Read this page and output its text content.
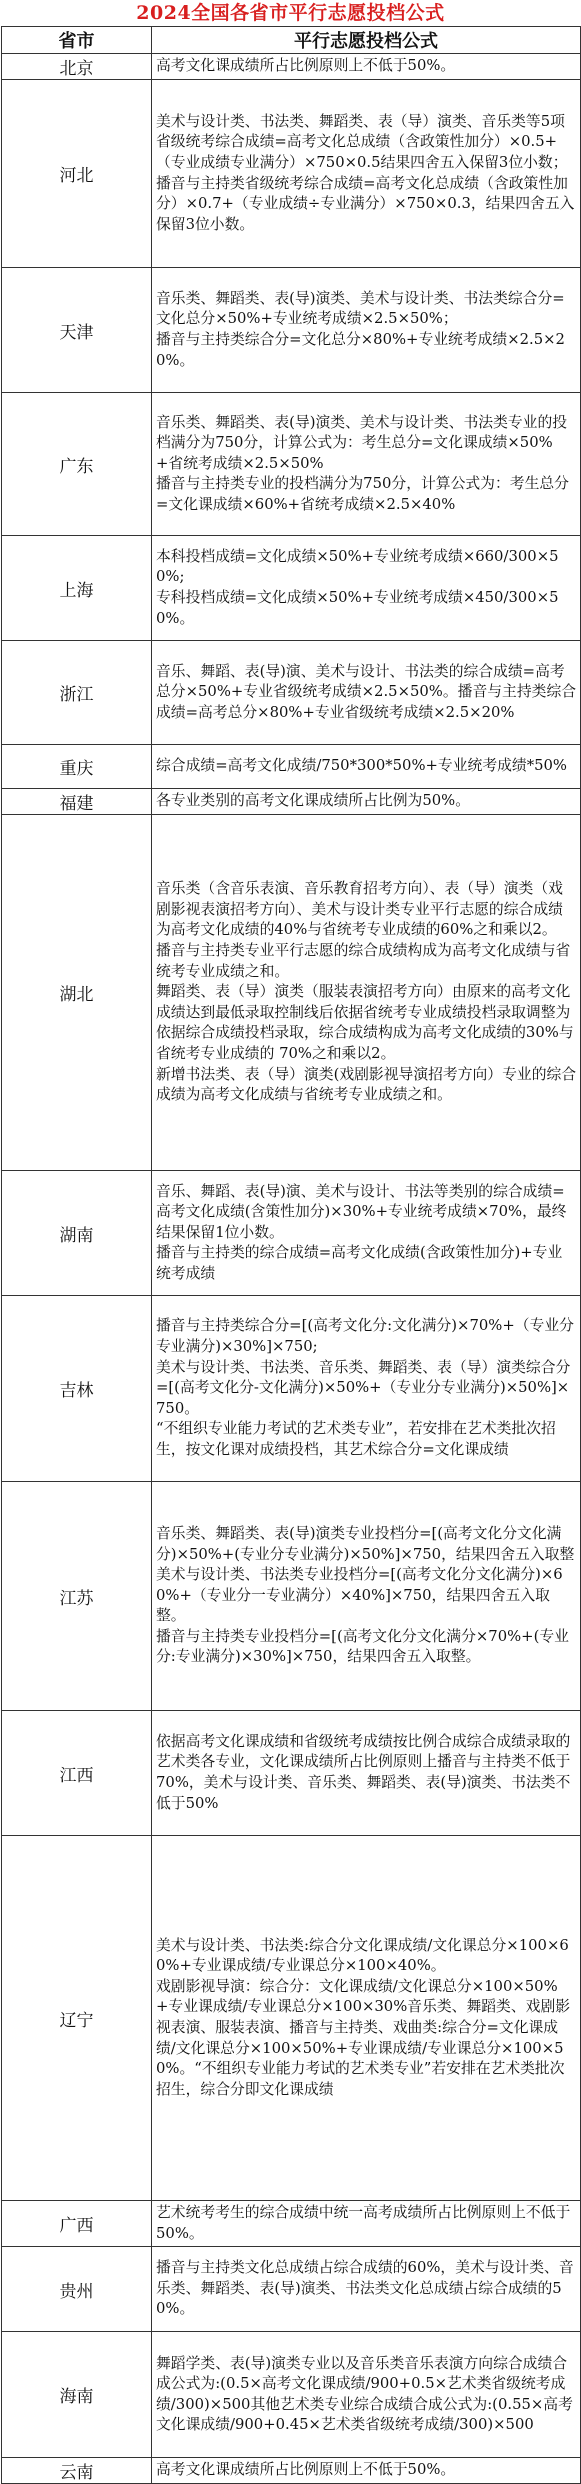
2024全国各省市平行志愿投档公式
省市	平行志愿投档公式
北京	高考文化课成绩所占比例原则上不低于50%。
河北	美术与设计类、书法类、舞蹈类、表（导）演类、音乐类等5项省级统考综合成绩=高考文化总成绩（含政策性加分）×0.5+（专业成绩专业满分）×750×0.5结果四舍五入保留3位小数；
播音与主持类省级统考综合成绩=高考文化总成绩（含政策性加分）×0.7+（专业成绩÷专业满分）×750×0.3，结果四舍五入保留3位小数。
天津	音乐类、舞蹈类、表(导)演类、美术与设计类、书法类综合分=文化总分×50%+专业统考成绩×2.5×50%；
播音与主持类综合分=文化总分×80%+专业统考成绩×2.5×20%。
广东	音乐类、舞蹈类、表(导)演类、美术与设计类、书法类专业的投档满分为750分，计算公式为：考生总分=文化课成绩×50%+省统考成绩×2.5×50%
播音与主持类专业的投档满分为750分，计算公式为：考生总分=文化课成绩×60%+省统考成绩×2.5×40%
上海	本科投档成绩=文化成绩×50%+专业统考成绩×660/300×50%;
专科投档成绩=文化成绩×50%+专业统考成绩×450/300×50%。
浙江	音乐、舞蹈、表(导)演、美术与设计、书法类的综合成绩=高考总分×50%+专业省级统考成绩×2.5×50%。播音与主持类综合成绩=高考总分×80%+专业省级统考成绩×2.5×20%
重庆	综合成绩=高考文化成绩/750*300*50%+专业统考成绩*50%
福建	各专业类别的高考文化课成绩所占比例为50%。
湖北	音乐类（含音乐表演、音乐教育招考方向）、表（导）演类（戏剧影视表演招考方向）、美术与设计类专业平行志愿的综合成绩为高考文化成绩的40%与省统考专业成绩的60%之和乘以2。
播音与主持类专业平行志愿的综合成绩构成为高考文化成绩与省统考专业成绩之和。
舞蹈类、表（导）演类（服装表演招考方向）由原来的高考文化成绩达到最低录取控制线后依据省统考专业成绩投档录取调整为依据综合成绩投档录取，综合成绩构成为高考文化成绩的30%与省统考专业成绩的 70%之和乘以2。
新增书法类、表（导）演类(戏剧影视导演招考方向）专业的综合成绩为高考文化成绩与省统考专业成绩之和。
湖南	音乐、舞蹈、表(导)演、美术与设计、书法等类别的综合成绩=高考文化成绩(含策性加分)×30%+专业统考成绩×70%，最终结果保留1位小数。
播音与主持类的综合成绩=高考文化成绩(含政策性加分)+专业统考成绩
吉林	播音与主持类综合分=[(高考文化分:文化满分)×70%+（专业分专业满分)×30%]×750;
美术与设计类、书法类、音乐类、舞蹈类、表（导）演类综合分=[(高考文化分-文化满分)×50%+（专业分专业满分)×50%]×750。
“不组织专业能力考试的艺术类专业”，若安排在艺术类批次招生，按文化课对成绩投档，其艺术综合分=文化课成绩
江苏	音乐类、舞蹈类、表(导)演类专业投档分=[(高考文化分文化满分)×50%+(专业分专业满分)×50%]×750，结果四舍五入取整美术与设计类、书法类专业投档分=[(高考文化分文化满分)×60%+（专业分一专业满分）×40%]×750，结果四舍五入取整。
播音与主持类专业投档分=[(高考文化分文化满分×70%+(专业分:专业满分)×30%]×750，结果四舍五入取整。
江西	依据高考文化课成绩和省级统考成绩按比例合成综合成绩录取的艺术类各专业，文化课成绩所占比例原则上播音与主持类不低于70%，美术与设计类、音乐类、舞蹈类、表(导)演类、书法类不低于50%
辽宁	美术与设计类、书法类:综合分文化课成绩/文化课总分×100×60%+专业课成绩/专业课总分×100×40%。
戏剧影视导演：综合分：文化课成绩/文化课总分×100×50%+专业课成绩/专业课总分×100×30%音乐类、舞蹈类、戏剧影视表演、服装表演、播音与主持类、戏曲类:综合分=文化课成绩/文化课总分×100×50%+专业课成绩/专业课总分×100×50%。“不组织专业能力考试的艺术类专业”若安排在艺术类批次招生，综合分即文化课成绩
广西	艺术统考考生的综合成绩中统一高考成绩所占比例原则上不低于 50%。
贵州	播音与主持类文化总成绩占综合成绩的60%，美术与设计类、音乐类、舞蹈类、表(导)演类、书法类文化总成绩占综合成绩的50%。
海南	舞蹈学类、表(导)演类专业以及音乐类音乐表演方向综合成绩合成公式为:(0.5×高考文化课成绩/900+0.5×艺术类省级统考成绩/300)×500其他艺术类专业综合成绩合成公式为:(0.55×高考文化课成绩/900+0.45×艺术类省级统考成绩/300)×500
云南	高考文化课成绩所占比例原则上不低于50%。
